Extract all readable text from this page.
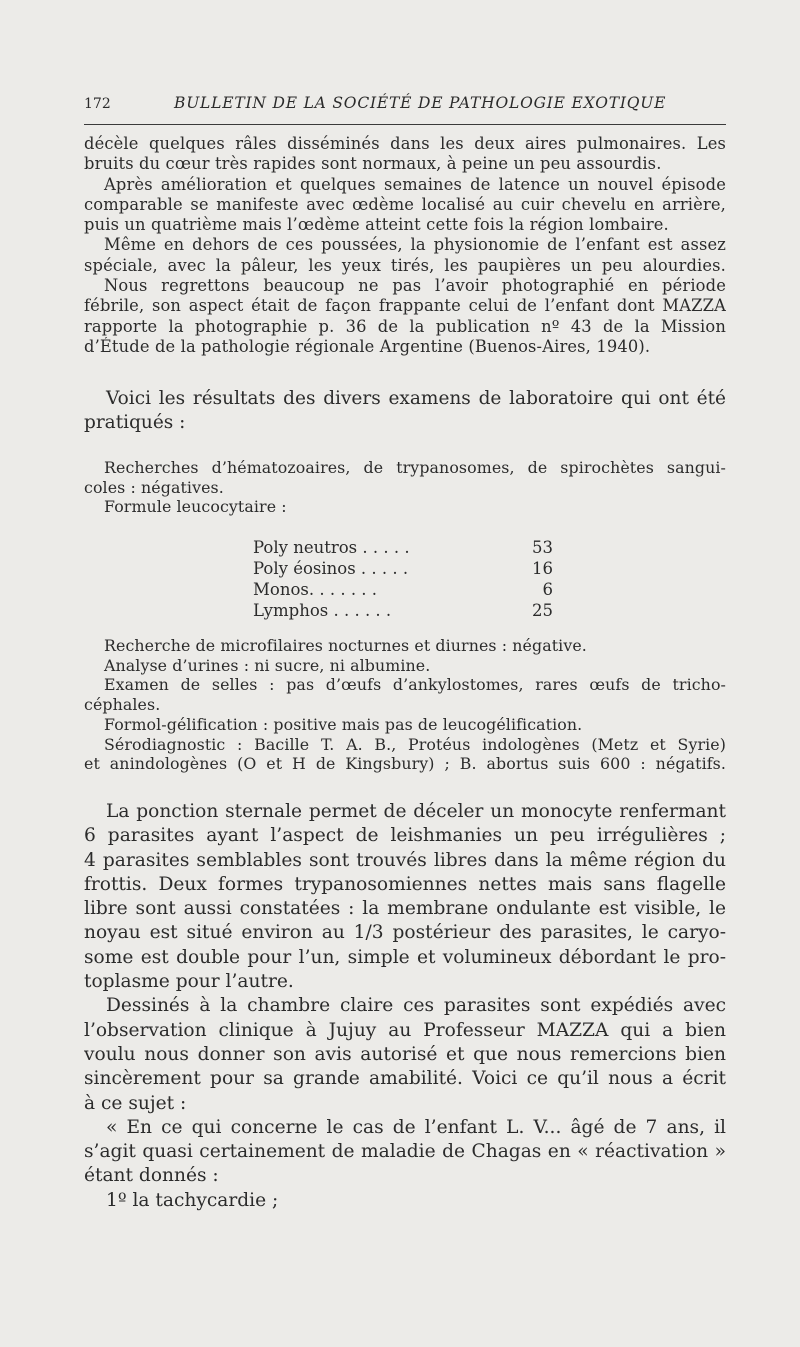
172	BULLETIN DE LA SOCIÉTÉ DE PATHOLOGIE EXOTIQUE
décèle quelques râles disséminés dans les deux aires pulmonaires. Les
bruits du cœur très rapides sont normaux, à peine un peu assourdis.
Après amélioration et quelques semaines de latence un nouvel épisode
comparable se manifeste avec œdème localisé au cuir chevelu en arrière,
puis un quatrième mais l’œdème atteint cette fois la région lombaire.
Même en dehors de ces poussées, la physionomie de l’enfant est assez
spéciale, avec la pâleur, les yeux tirés, les paupières un peu alourdies.
Nous regrettons beaucoup ne pas l’avoir photographié en période
fébrile, son aspect était de façon frappante celui de l’enfant dont MAZZA
rapporte la photographie p. 36 de la publication nº 43 de la Mission
d’Étude de la pathologie régionale Argentine (Buenos-Aires, 1940).
Voici les résultats des divers examens de laboratoire qui ont été
pratiqués :
Recherches d’hématozoaires, de trypanosomes, de spirochètes sangui-
coles : négatives.
Formule leucocytaire :
Poly neutros . . . . .	53
Poly éosinos . . . . .	16
Monos. . . . . . .	6
Lymphos . . . . . .	25
Recherche de microfilaires nocturnes et diurnes : négative.
Analyse d’urines : ni sucre, ni albumine.
Examen de selles : pas d’œufs d’ankylostomes, rares œufs de tricho-
céphales.
Formol-gélification : positive mais pas de leucogélification.
Sérodiagnostic : Bacille T. A. B., Protéus indologènes (Metz et Syrie)
et anindologènes (O et H de Kingsbury) ; B. abortus suis 600 : négatifs.
La ponction sternale permet de déceler un monocyte renfermant
6 parasites ayant l’aspect de leishmanies un peu irrégulières ;
4 parasites semblables sont trouvés libres dans la même région du
frottis. Deux formes trypanosomiennes nettes mais sans flagelle
libre sont aussi constatées : la membrane ondulante est visible, le
noyau est situé environ au 1/3 postérieur des parasites, le caryo-
some est double pour l’un, simple et volumineux débordant le pro-
toplasme pour l’autre.
Dessinés à la chambre claire ces parasites sont expédiés avec
l’observation clinique à Jujuy au Professeur MAZZA qui a bien
voulu nous donner son avis autorisé et que nous remercions bien
sincèrement pour sa grande amabilité. Voici ce qu’il nous a écrit
à ce sujet :
« En ce qui concerne le cas de l’enfant L. V... âgé de 7 ans, il
s’agit quasi certainement de maladie de Chagas en « réactivation »
étant donnés :
1º la tachycardie ;
